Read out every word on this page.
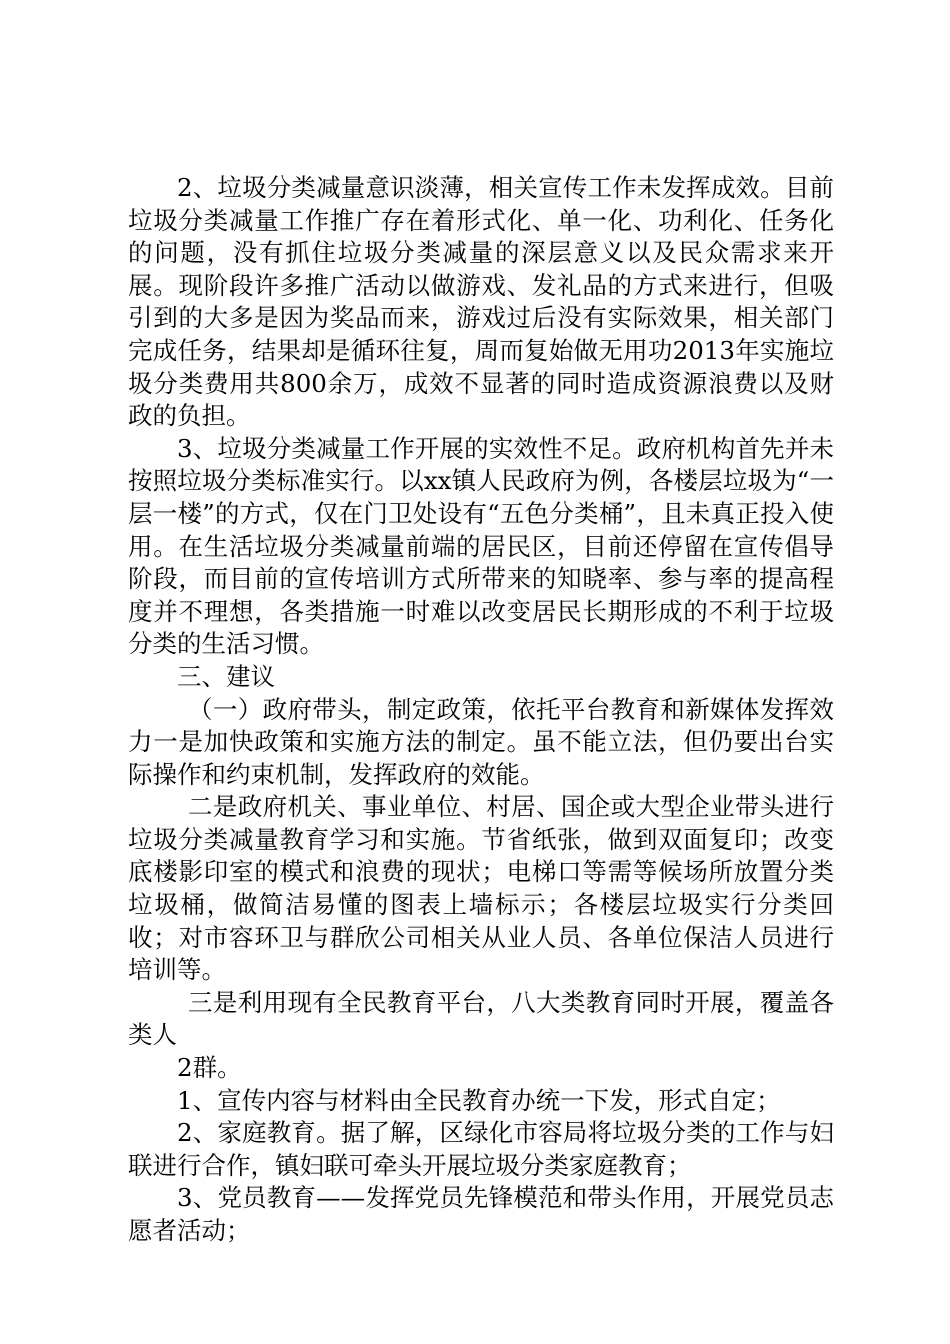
2、垃圾分类减量意识淡薄，相关宣传工作未发挥成效。目前垃圾分类减量工作推广存在着形式化、单一化、功利化、任务化的问题，没有抓住垃圾分类减量的深层意义以及民众需求来开展。现阶段许多推广活动以做游戏、发礼品的方式来进行，但吸引到的大多是因为奖品而来，游戏过后没有实际效果，相关部门完成任务，结果却是循环往复，周而复始做无用功2013年实施垃圾分类费用共800余万，成效不显著的同时造成资源浪费以及财政的负担。

3、垃圾分类减量工作开展的实效性不足。政府机构首先并未按照垃圾分类标准实行。以xx镇人民政府为例，各楼层垃圾为“一层一楼”的方式，仅在门卫处设有“五色分类桶”，且未真正投入使用。在生活垃圾分类减量前端的居民区，目前还停留在宣传倡导阶段，而目前的宣传培训方式所带来的知晓率、参与率的提高程度并不理想，各类措施一时难以改变居民长期形成的不利于垃圾分类的生活习惯。

三、建议

（一）政府带头，制定政策，依托平台教育和新媒体发挥效力一是加快政策和实施方法的制定。虽不能立法，但仍要出台实际操作和约束机制，发挥政府的效能。

二是政府机关、事业单位、村居、国企或大型企业带头进行垃圾分类减量教育学习和实施。节省纸张，做到双面复印；改变底楼影印室的模式和浪费的现状；电梯口等需等候场所放置分类垃圾桶，做简洁易懂的图表上墙标示；各楼层垃圾实行分类回收；对市容环卫与群欣公司相关从业人员、各单位保洁人员进行培训等。

三是利用现有全民教育平台，八大类教育同时开展，覆盖各类人

2群。

1、宣传内容与材料由全民教育办统一下发，形式自定；

2、家庭教育。据了解，区绿化市容局将垃圾分类的工作与妇联进行合作，镇妇联可牵头开展垃圾分类家庭教育；

3、党员教育——发挥党员先锋模范和带头作用，开展党员志愿者活动；
